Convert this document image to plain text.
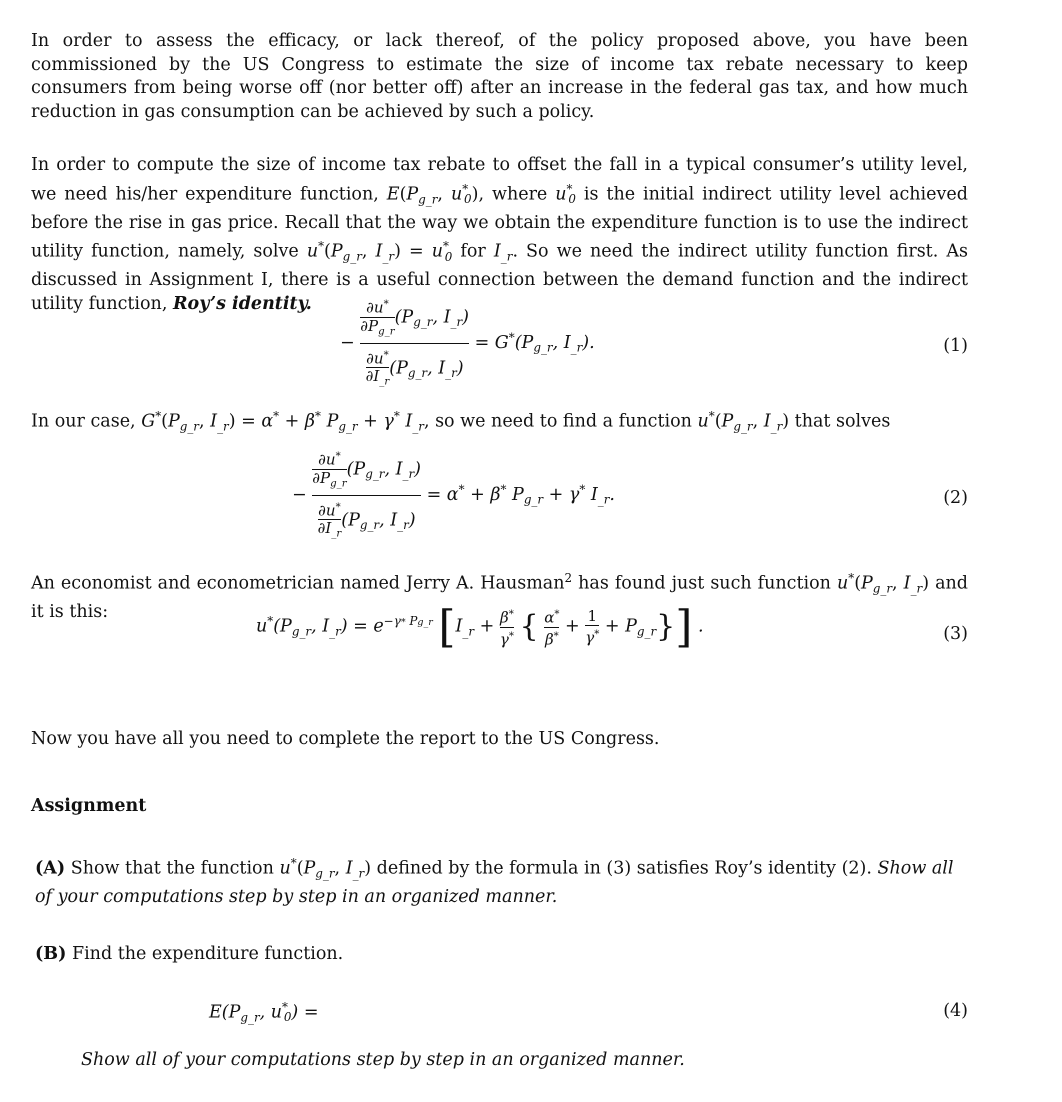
In order to assess the efficacy, or lack thereof, of the policy proposed above, you have been commissioned by the US Congress to estimate the size of income tax rebate necessary to keep consumers from being worse off (nor better off) after an increase in the federal gas tax, and how much reduction in gas consumption can be achieved by such a policy.
In order to compute the size of income tax rebate to offset the fall in a typical consumer’s utility level, we need his/her expenditure function, $E(P_{g\_r}$, $u^*_0$), where $u^*_0$ is the initial indirect utility level achieved before the rise in gas price. Recall that the way we obtain the expenditure function is to use the indirect utility function, namely, solve $u^*(P_{g\_r}$, $I_{\_r}) = u^*_0$ for $I_{\_r}$. So we need the indirect utility function first. As discussed in Assignment I, there is a useful connection between the demand function and the indirect utility function, Roy’s identity.
− $\frac{\frac{\partial u^*}{\partial P_{g\_r}} (P_{g\_r}, I_{\_r})}{\frac{\partial u^*}{\partial I_{\_r}} (P_{g\_r}, I_{\_r})} = G^*(P_{g\_r}$, $I_{\_r}$).	(1)
In our case, $G^*(P_{g\_r}$, $I_{\_r}) = \alpha^* + \beta^*$ $P_{g\_r} + \gamma^*$ $I_{\_r}$, so we need to find a function $u^*(P_{g\_r}$, $I_{\_r}$) that solves
− $\frac{\frac{\partial u^*}{\partial P_{g\_r}} (P_{g\_r}, I_{\_r})}{\frac{\partial u^*}{\partial I_{\_r}} (P_{g\_r}, I_{\_r})} = \alpha^* + \beta^*$ $P_{g\_r} + \gamma^*$ $I_{\_r}$.	(2)
An economist and econometrician named Jerry A. Hausman$^2$ has found just such function $u^*(P_{g\_r}$, $I_{\_r}$) and it is this:
$u^*(P_{g\_r}$, $I_{\_r}) = e^{-\gamma* Pg\_r}$ [$I_{\_r} + \frac{\beta^*}{\gamma^*}$ { $\frac{\alpha^*}{\beta^*} + \frac{1}{\gamma^*} + P_{g\_r}$}] .	(3)
Now you have all you need to complete the report to the US Congress.
Assignment
(A) Show that the function $u^*(P_{g\_r}$, $I_{\_r}$) defined by the formula in (3) satisfies Roy’s identity (2). Show all of your computations step by step in an organized manner.
(B) Find the expenditure function.
$E(P_{g\_r}$, $u^*_0$) =	(4)
Show all of your computations step by step in an organized manner.
